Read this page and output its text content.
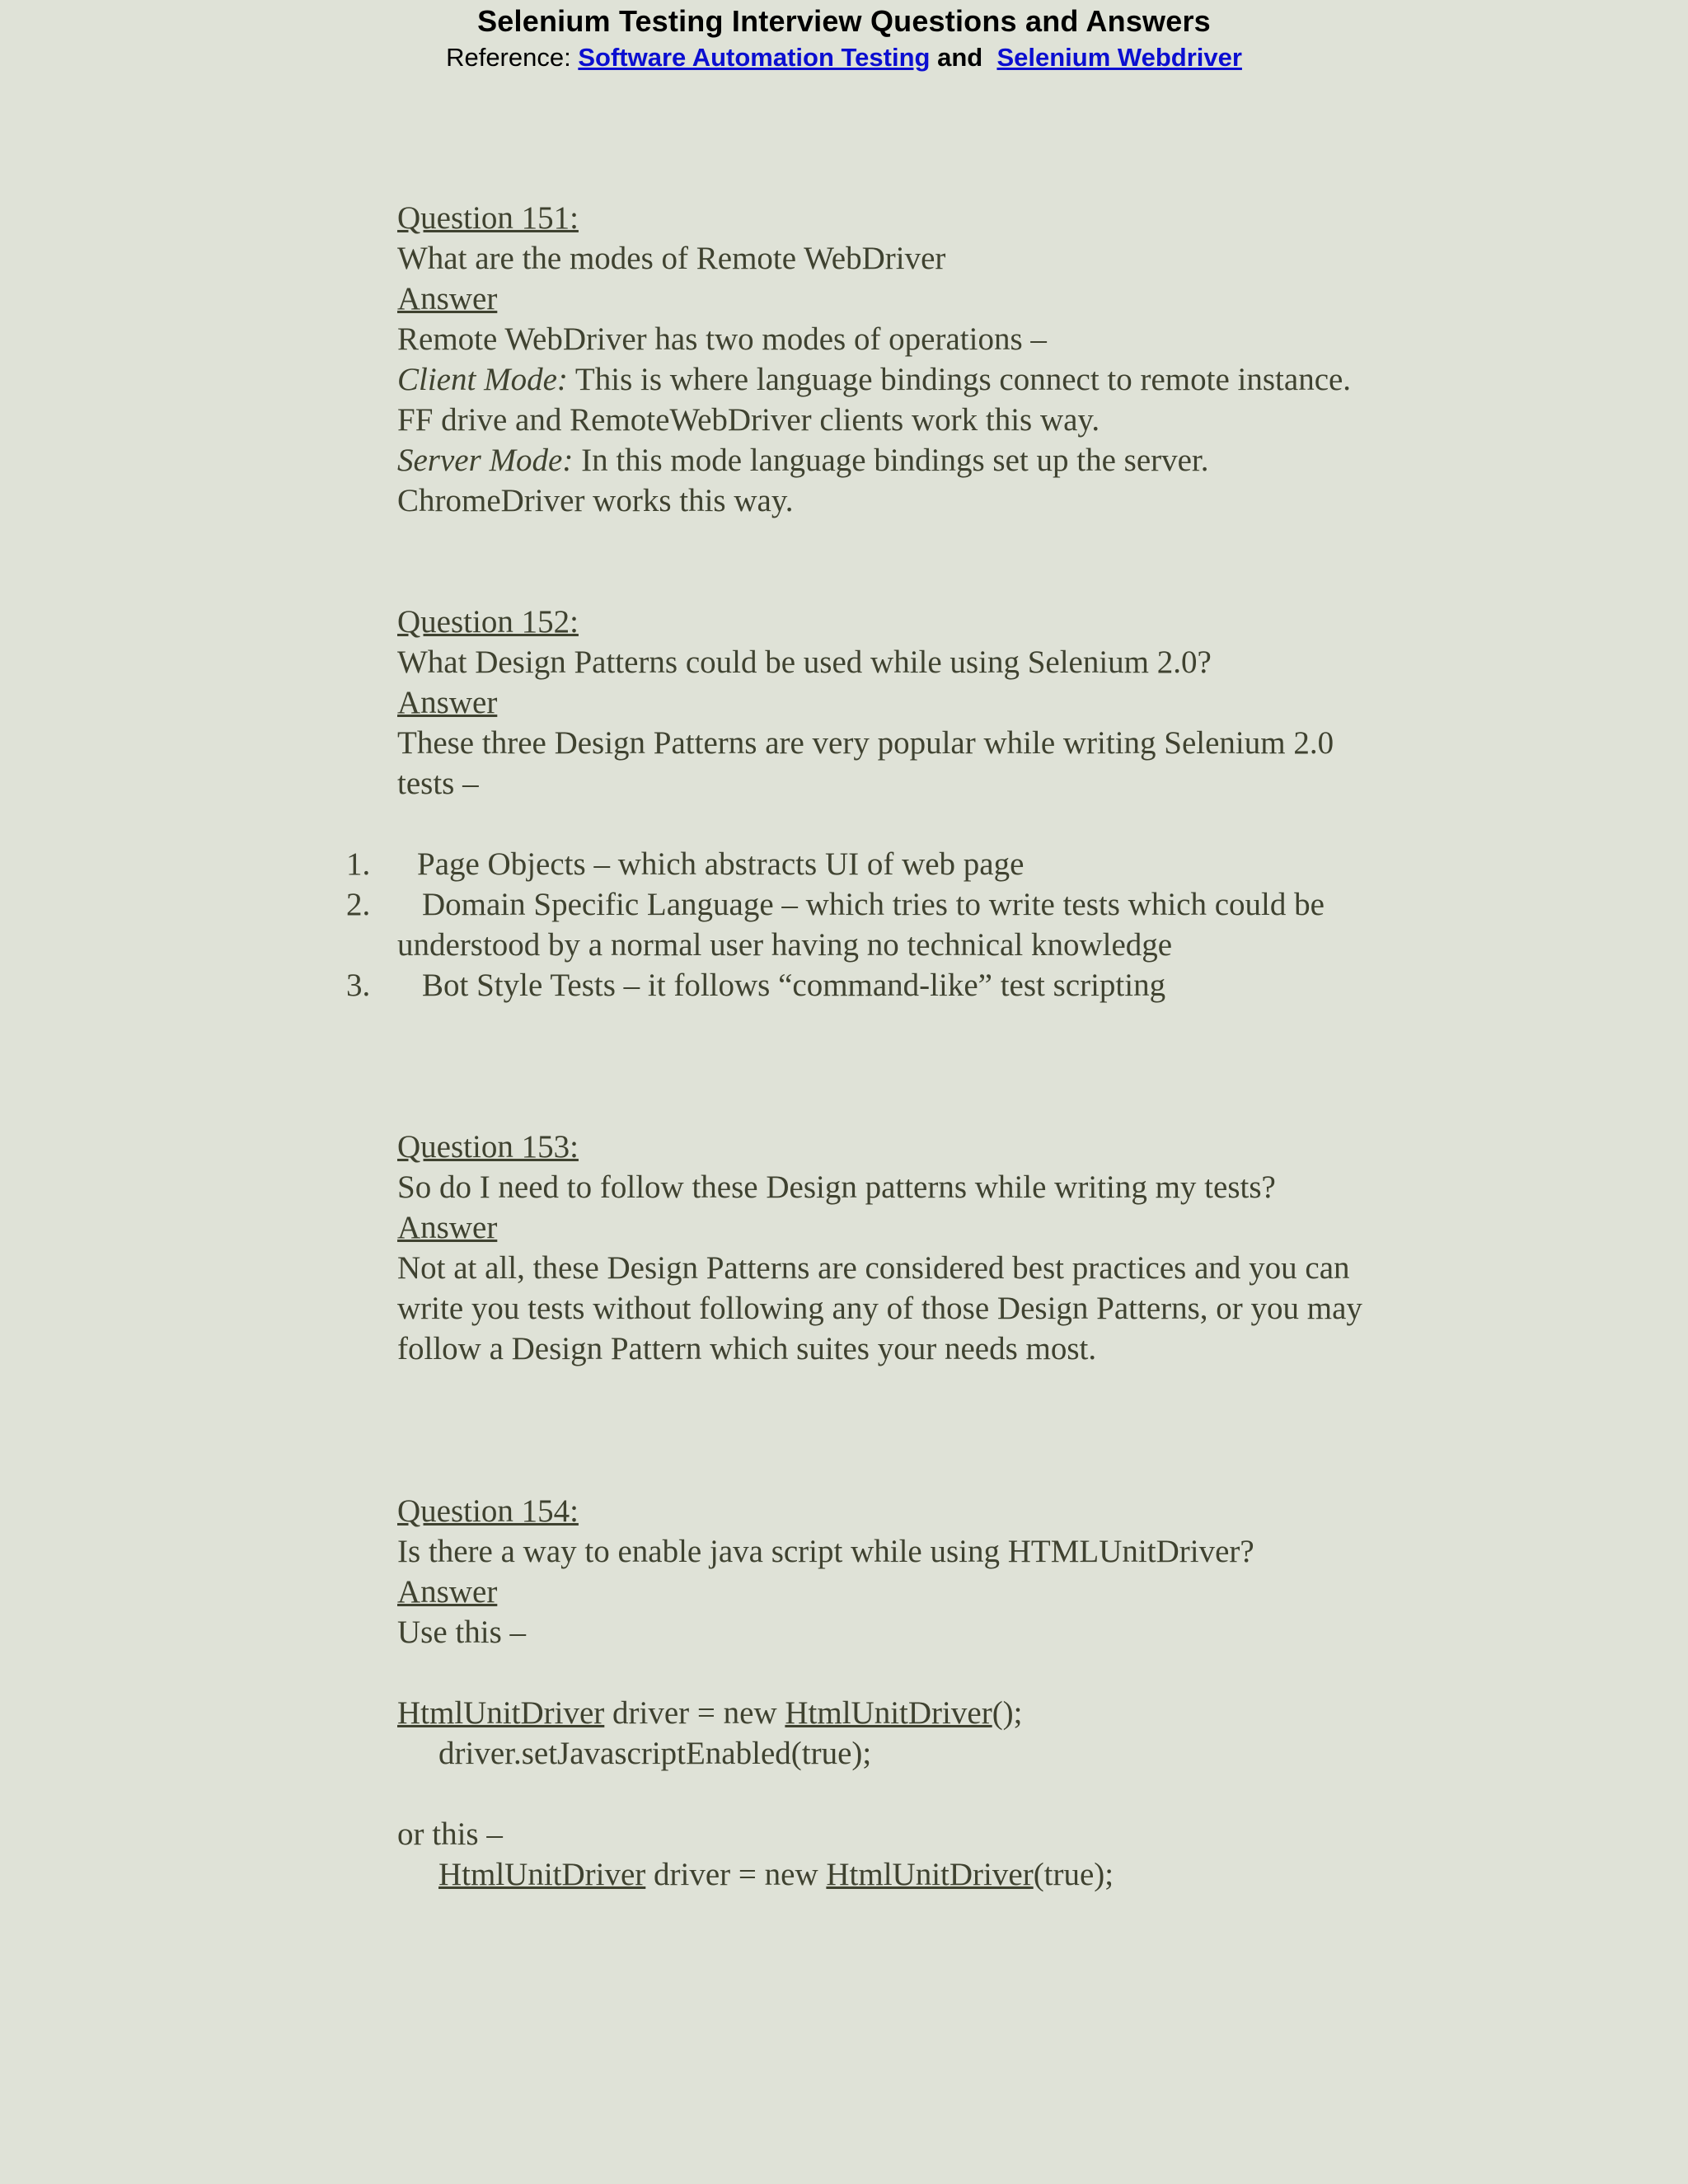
Selenium Testing Interview Questions and Answers
Reference: Software Automation Testing and Selenium Webdriver
Question 151:
What are the modes of Remote WebDriver
Answer
Remote WebDriver has two modes of operations –
Client Mode: This is where language bindings connect to remote instance.
FF drive and RemoteWebDriver clients work this way.
Server Mode: In this mode language bindings set up the server.
ChromeDriver works this way.
Question 152:
What Design Patterns could be used while using Selenium 2.0?
Answer
These three Design Patterns are very popular while writing Selenium 2.0
tests –
1. Page Objects – which abstracts UI of web page
2. Domain Specific Language – which tries to write tests which could be
understood by a normal user having no technical knowledge
3. Bot Style Tests – it follows “command-like” test scripting
Question 153:
So do I need to follow these Design patterns while writing my tests?
Answer
Not at all, these Design Patterns are considered best practices and you can
write you tests without following any of those Design Patterns, or you may
follow a Design Pattern which suites your needs most.
Question 154:
Is there a way to enable java script while using HTMLUnitDriver?
Answer
Use this –
HtmlUnitDriver driver = new HtmlUnitDriver();
driver.setJavascriptEnabled(true);
or this –
HtmlUnitDriver driver = new HtmlUnitDriver(true);
